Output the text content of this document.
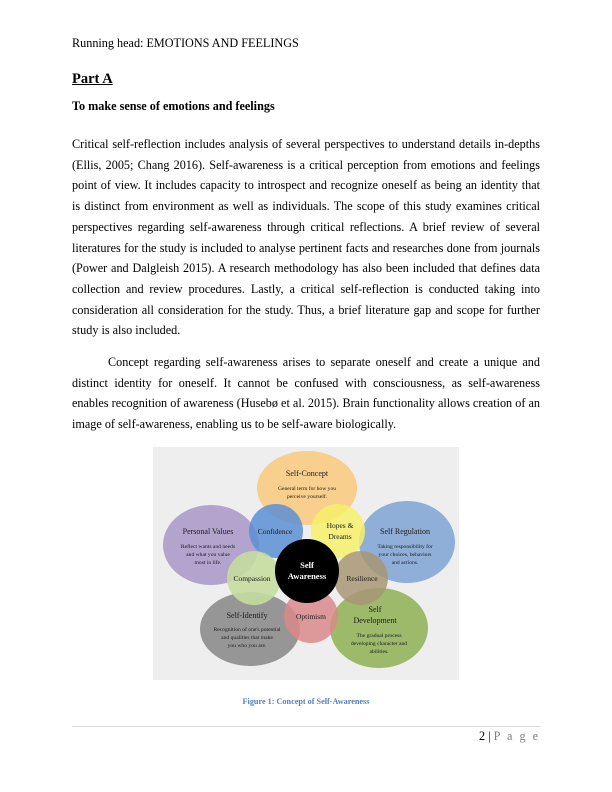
Running head: EMOTIONS AND FEELINGS
Part A
To make sense of emotions and feelings

Critical self-reflection includes analysis of several perspectives to understand details in-depths (Ellis, 2005; Chang 2016). Self-awareness is a critical perception from emotions and feelings point of view. It includes capacity to introspect and recognize oneself as being an identity that is distinct from environment as well as individuals. The scope of this study examines critical perspectives regarding self-awareness through critical reflections. A brief review of several literatures for the study is included to analyse pertinent facts and researches done from journals (Power and Dalgleish 2015). A research methodology has also been included that defines data collection and review procedures. Lastly, a critical self-reflection is conducted taking into consideration all consideration for the study. Thus, a brief literature gap and scope for further study is also included.

Concept regarding self-awareness arises to separate oneself and create a unique and distinct identity for oneself. It cannot be confused with consciousness, as self-awareness enables recognition of awareness (Husebø et al. 2015). Brain functionality allows creation of an image of self-awareness, enabling us to be self-aware biologically.

Self
Awareness
Confidence
Hopes &
Dreams
Resilience
Optimism
Compassion
Self-Concept
General term for how you
perceive yourself.
Self Regulation
Taking responsibility for
your choices, behaviors
and actions.
Self
Development
The gradual process
developing character and
abilities.
Self-Identify
Recognition of one's potential
and qualities that make
you who you are.
Personal Values
Reflect wants and needs
and what you value
most in life.
Figure 1: Concept of Self-Awareness
2 | P a g e
